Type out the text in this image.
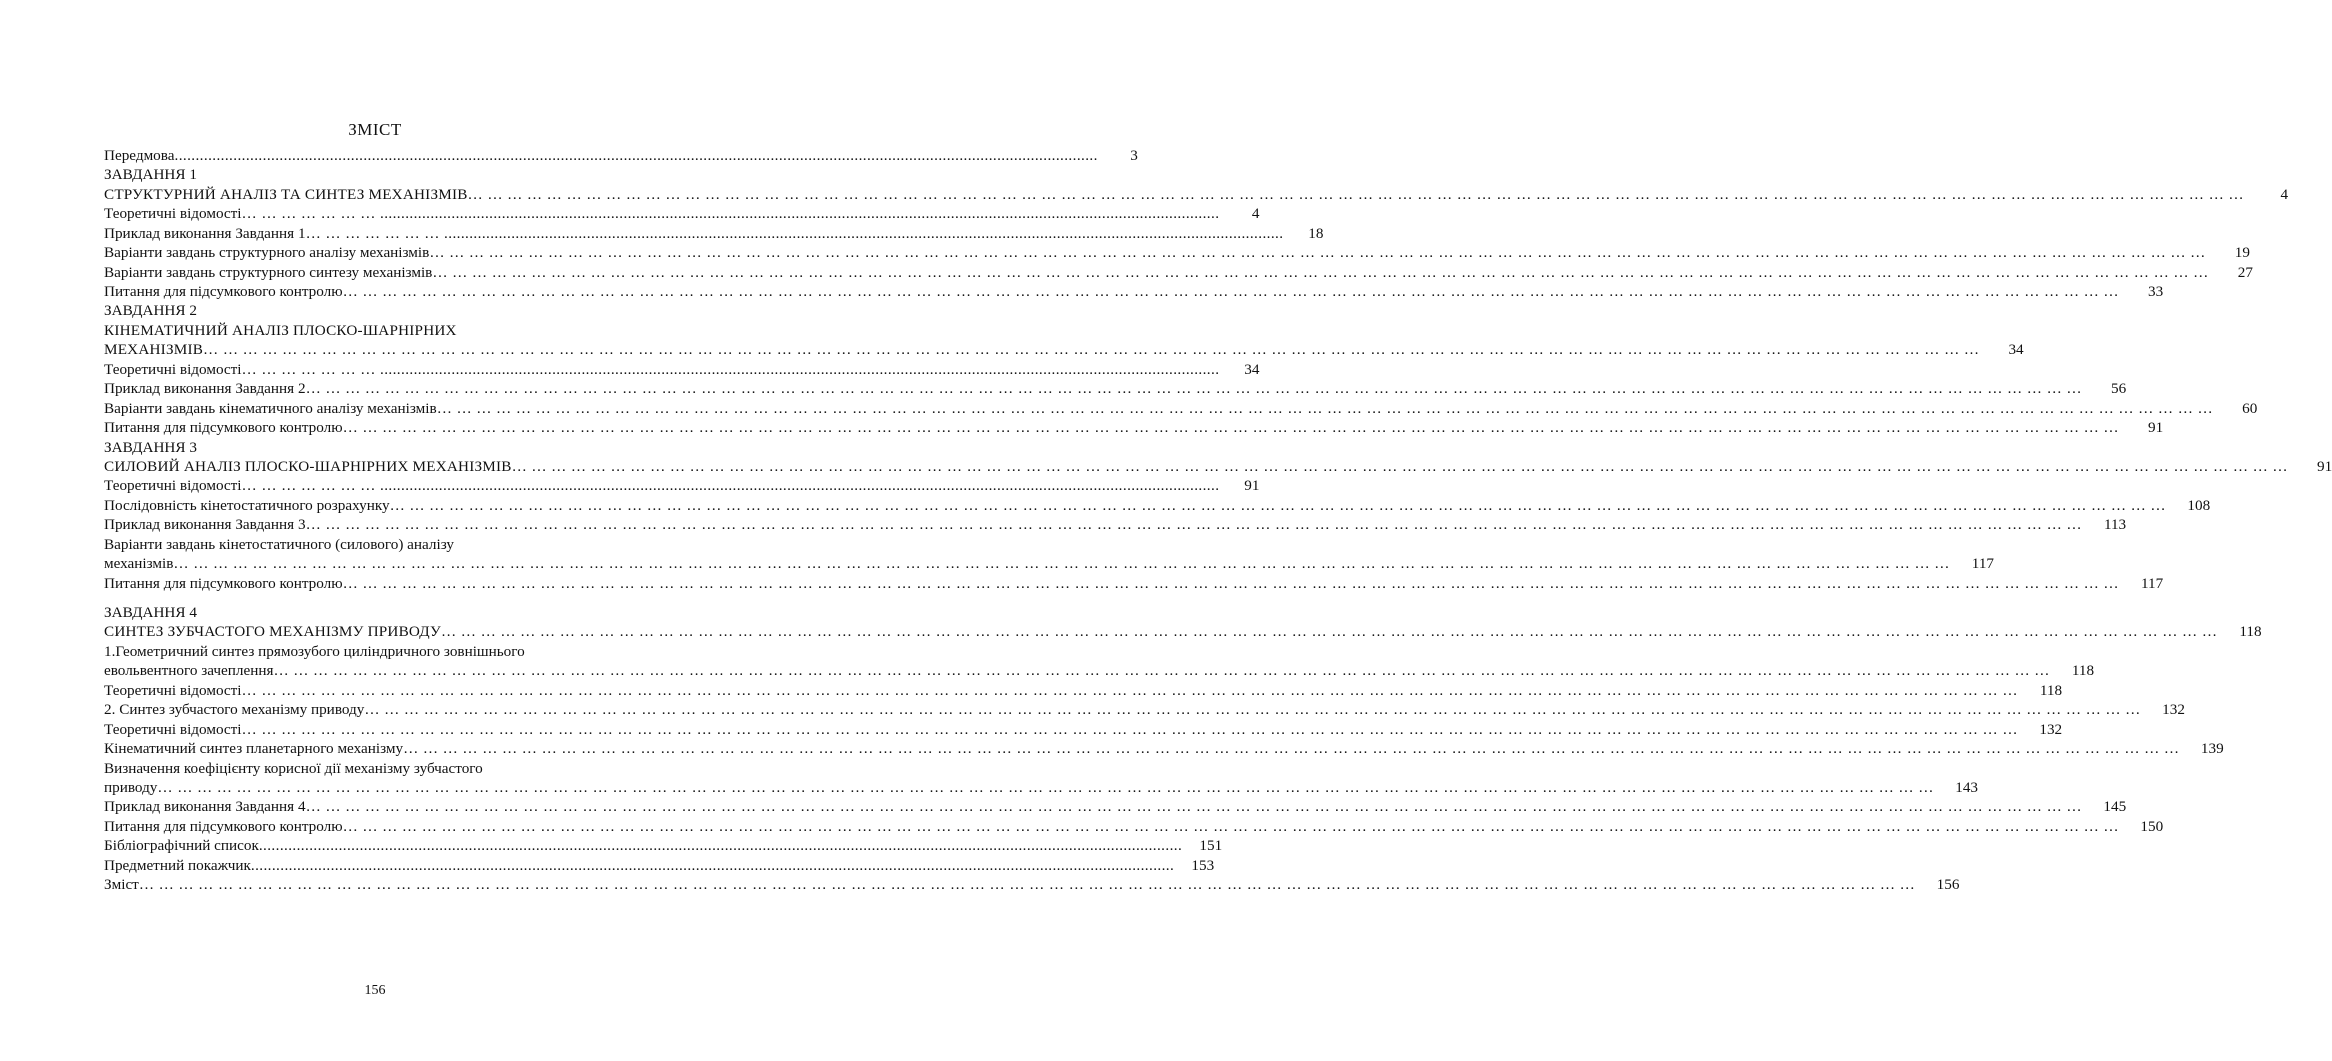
ЗМІСТ
Передмова............................................................................................................................................................................................................................	3
ЗАВДАННЯ 1
СТРУКТУРНИЙ АНАЛІЗ ТА СИНТЕЗ МЕХАНІЗМІВ… … … … … … … … … … … … … … … … … … … … … … … … … … … … … … … … … … … … … … … … … … … … … … … … … … … … … … … … … … … … … … … … … … … … … … … … … … … … … … … … … … … … … … … … … …	4
Теоретичні відомості… … … … … … … ........................................................................................................................................................................................................	4
Приклад виконання Завдання 1… … … … … … … ........................................................................................................................................................................................................	18
Варіанти завдань структурного аналізу механізмів… … … … … … … … … … … … … … … … … … … … … … … … … … … … … … … … … … … … … … … … … … … … … … … … … … … … … … … … … … … … … … … … … … … … … … … … … … … … … … … … … … … … … … … … … …	19
Варіанти завдань структурного синтезу механізмів… … … … … … … … … … … … … … … … … … … … … … … … … … … … … … … … … … … … … … … … … … … … … … … … … … … … … … … … … … … … … … … … … … … … … … … … … … … … … … … … … … … … … … … … … …	27
Питання для підсумкового контролю… … … … … … … … … … … … … … … … … … … … … … … … … … … … … … … … … … … … … … … … … … … … … … … … … … … … … … … … … … … … … … … … … … … … … … … … … … … … … … … … … … … … … … … … … …	33
ЗАВДАННЯ 2
КІНЕМАТИЧНИЙ АНАЛІЗ ПЛОСКО-ШАРНІРНИХ
МЕХАНІЗМІВ… … … … … … … … … … … … … … … … … … … … … … … … … … … … … … … … … … … … … … … … … … … … … … … … … … … … … … … … … … … … … … … … … … … … … … … … … … … … … … … … … … … … … … … … … …	34
Теоретичні відомості… … … … … … … ........................................................................................................................................................................................................	34
Приклад виконання Завдання 2… … … … … … … … … … … … … … … … … … … … … … … … … … … … … … … … … … … … … … … … … … … … … … … … … … … … … … … … … … … … … … … … … … … … … … … … … … … … … … … … … … … … … … … … … …	56
Варіанти завдань кінематичного аналізу механізмів… … … … … … … … … … … … … … … … … … … … … … … … … … … … … … … … … … … … … … … … … … … … … … … … … … … … … … … … … … … … … … … … … … … … … … … … … … … … … … … … … … … … … … … … … …	60
Питання для підсумкового контролю… … … … … … … … … … … … … … … … … … … … … … … … … … … … … … … … … … … … … … … … … … … … … … … … … … … … … … … … … … … … … … … … … … … … … … … … … … … … … … … … … … … … … … … … … …	91
ЗАВДАННЯ 3
СИЛОВИЙ АНАЛІЗ ПЛОСКО-ШАРНІРНИХ МЕХАНІЗМІВ… … … … … … … … … … … … … … … … … … … … … … … … … … … … … … … … … … … … … … … … … … … … … … … … … … … … … … … … … … … … … … … … … … … … … … … … … … … … … … … … … … … … … … … … … …	91
Теоретичні відомості… … … … … … … ........................................................................................................................................................................................................	91
Послідовність кінетостатичного розрахунку… … … … … … … … … … … … … … … … … … … … … … … … … … … … … … … … … … … … … … … … … … … … … … … … … … … … … … … … … … … … … … … … … … … … … … … … … … … … … … … … … … … … … … … … … …	108
Приклад виконання Завдання 3… … … … … … … … … … … … … … … … … … … … … … … … … … … … … … … … … … … … … … … … … … … … … … … … … … … … … … … … … … … … … … … … … … … … … … … … … … … … … … … … … … … … … … … … … …	113
Варіанти завдань кінетостатичного (силового) аналізу
механізмів… … … … … … … … … … … … … … … … … … … … … … … … … … … … … … … … … … … … … … … … … … … … … … … … … … … … … … … … … … … … … … … … … … … … … … … … … … … … … … … … … … … … … … … … … …	117
Питання для підсумкового контролю… … … … … … … … … … … … … … … … … … … … … … … … … … … … … … … … … … … … … … … … … … … … … … … … … … … … … … … … … … … … … … … … … … … … … … … … … … … … … … … … … … … … … … … … … …	117
ЗАВДАННЯ 4
СИНТЕЗ ЗУБЧАСТОГО МЕХАНІЗМУ ПРИВОДУ… … … … … … … … … … … … … … … … … … … … … … … … … … … … … … … … … … … … … … … … … … … … … … … … … … … … … … … … … … … … … … … … … … … … … … … … … … … … … … … … … … … … … … … … … …	118
1.Геометричний синтез прямозубого циліндричного зовнішнього
евольвентного зачеплення… … … … … … … … … … … … … … … … … … … … … … … … … … … … … … … … … … … … … … … … … … … … … … … … … … … … … … … … … … … … … … … … … … … … … … … … … … … … … … … … … … … … … … … … … …	118
Теоретичні відомості… … … … … … … … … … … … … … … … … … … … … … … … … … … … … … … … … … … … … … … … … … … … … … … … … … … … … … … … … … … … … … … … … … … … … … … … … … … … … … … … … … … … … … … … … …	118
2. Синтез зубчастого механізму приводу… … … … … … … … … … … … … … … … … … … … … … … … … … … … … … … … … … … … … … … … … … … … … … … … … … … … … … … … … … … … … … … … … … … … … … … … … … … … … … … … … … … … … … … … … …	132
Теоретичні відомості… … … … … … … … … … … … … … … … … … … … … … … … … … … … … … … … … … … … … … … … … … … … … … … … … … … … … … … … … … … … … … … … … … … … … … … … … … … … … … … … … … … … … … … … … …	132
Кінематичний синтез планетарного механізму… … … … … … … … … … … … … … … … … … … … … … … … … … … … … … … … … … … … … … … … … … … … … … … … … … … … … … … … … … … … … … … … … … … … … … … … … … … … … … … … … … … … … … … … … …	139
Визначення коефіцієнту корисної дії механізму зубчастого
приводу… … … … … … … … … … … … … … … … … … … … … … … … … … … … … … … … … … … … … … … … … … … … … … … … … … … … … … … … … … … … … … … … … … … … … … … … … … … … … … … … … … … … … … … … … …	143
Приклад виконання Завдання 4… … … … … … … … … … … … … … … … … … … … … … … … … … … … … … … … … … … … … … … … … … … … … … … … … … … … … … … … … … … … … … … … … … … … … … … … … … … … … … … … … … … … … … … … … …	145
Питання для підсумкового контролю… … … … … … … … … … … … … … … … … … … … … … … … … … … … … … … … … … … … … … … … … … … … … … … … … … … … … … … … … … … … … … … … … … … … … … … … … … … … … … … … … … … … … … … … … …	150
Бібліографічний список............................................................................................................................................................................................................................	151
Предметний покажчик............................................................................................................................................................................................................................	153
Зміст… … … … … … … … … … … … … … … … … … … … … … … … … … … … … … … … … … … … … … … … … … … … … … … … … … … … … … … … … … … … … … … … … … … … … … … … … … … … … … … … … … … … … … … … … …	156
156
